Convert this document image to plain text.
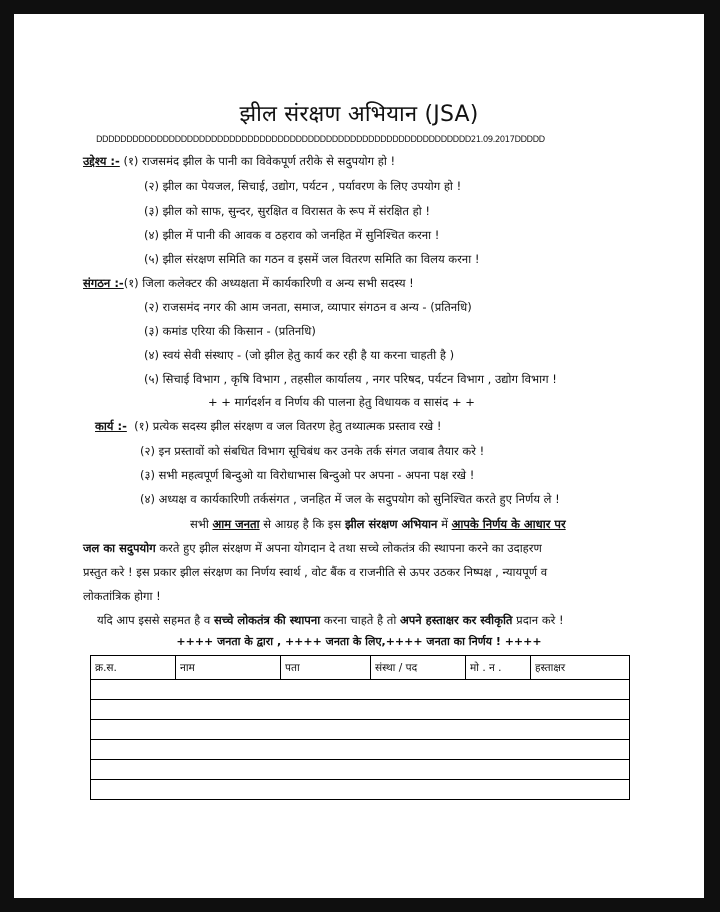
झील संरक्षण अभियान (JSA)
DDDDDDDDDDDDDDDDDDDDDDDDDDDDDDDDDDDDDDDDDDDDDDDDDDDDDDDDDDDDDD21.09.2017DDDDD
उद्देश्य :- (१) राजसमंद झील के पानी का विवेकपूर्ण तरीके से सदुपयोग हो !
(२) झील का पेयजल, सिचाई, उद्योग, पर्यटन , पर्यावरण के लिए उपयोग हो !
(३) झील को साफ, सुन्दर, सुरक्षित व विरासत के रूप में संरक्षित हो !
(४) झील में पानी की आवक व ठहराव को जनहित में सुनिश्चित करना !
(५) झील संरक्षण समिति का गठन व इसमें जल वितरण समिति का विलय करना !
संगठन :-(१) जिला कलेक्टर की अध्यक्षता में कार्यकारिणी व अन्य सभी सदस्य !
(२) राजसमंद नगर की आम जनता, समाज, व्यापार संगठन व अन्य - (प्रतिनधि)
(३) कमांड एरिया की किसान - (प्रतिनधि)
(४) स्वयं सेवी संस्थाए - (जो झील हेतु कार्य कर रही है या करना चाहती है )
(५) सिचाई विभाग , कृषि विभाग , तहसील कार्यालय , नगर परिषद, पर्यटन विभाग , उद्योग विभाग !
+ + मार्गदर्शन व निर्णय की पालना हेतु विधायक व सासंद + +
कार्य :- (१) प्रत्येक सदस्य झील संरक्षण व जल वितरण हेतु तथ्यात्मक प्रस्ताव रखे !
(२) इन प्रस्तावों को संबधित विभाग सूचिबंध कर उनके तर्क संगत जवाब तैयार करे !
(३) सभी महत्वपूर्ण बिन्दुओ या विरोधाभास बिन्दुओ पर अपना - अपना पक्ष रखे !
(४) अध्यक्ष व कार्यकारिणी तर्कसंगत , जनहित में जल के सदुपयोग को सुनिश्चित करते हुए निर्णय ले !
सभी आम जनता से आग्रह है कि इस झील संरक्षण अभियान में आपके निर्णय के आधार पर
जल का सदुपयोग करते हुए झील संरक्षण में अपना योगदान दे तथा सच्चे लोकतंत्र की स्थापना करने का उदाहरण
प्रस्तुत करे ! इस प्रकार झील संरक्षण का निर्णय स्वार्थ , वोट बैंक व राजनीति से ऊपर उठकर निष्पक्ष , न्यायपूर्ण व
लोकतांत्रिक होगा !
यदि आप इससे सहमत है व सच्चे लोकतंत्र की स्थापना करना चाहते है तो अपने हस्ताक्षर कर स्वीकृति प्रदान करे !
++++ जनता के द्वारा , ++++ जनता के लिए,++++ जनता का निर्णय ! ++++
क्र.स.	नाम	पता	संस्था / पद	मो . न .	हस्ताक्षर
